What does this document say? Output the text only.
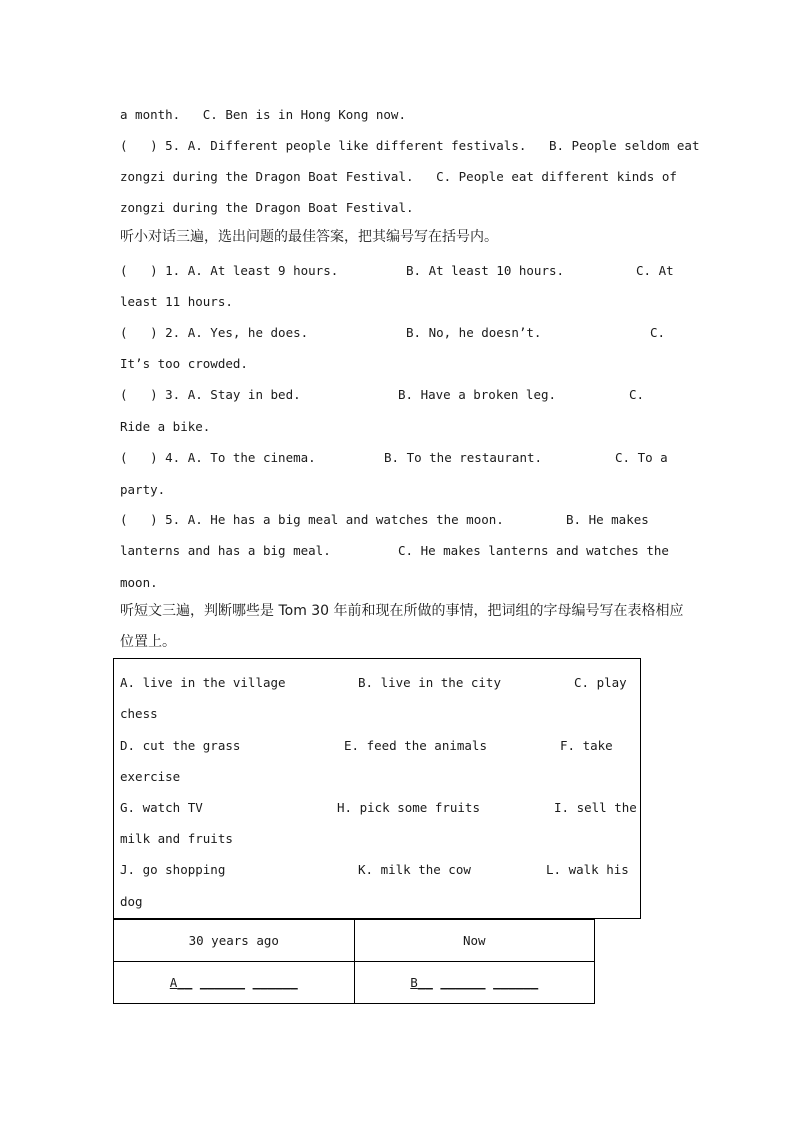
a month.   C. Ben is in Hong Kong now.
(   ) 5. A. Different people like different festivals.   B. People seldom eat
zongzi during the Dragon Boat Festival.   C. People eat different kinds of
zongzi during the Dragon Boat Festival.
听小对话三遍，选出问题的最佳答案，把其编号写在括号内。
(   ) 1. A. At least 9 hours.	B. At least 10 hours.	C. At
least 11 hours.
(   ) 2. A. Yes, he does.	B. No, he doesn’t.	C.
It’s too crowded.
(   ) 3. A. Stay in bed.	B. Have a broken leg.	C.
Ride a bike.
(   ) 4. A. To the cinema.	B. To the restaurant.	C. To a
party.
(   ) 5. A. He has a big meal and watches the moon.	B. He makes
lanterns and has a big meal.	C. He makes lanterns and watches the
moon.
听短文三遍，判断哪些是 Tom 30 年前和现在所做的事情，把词组的字母编号写在表格相应
位置上。
A. live in the village	B. live in the city	C. play
chess
D. cut the grass	E. feed the animals	F. take
exercise
G. watch TV	H. pick some fruits	I. sell the
milk and fruits
J. go shopping	K. milk the cow	L. walk his
dog
30 years ago	Now
A__ ______ ______	B__ ______ ______
